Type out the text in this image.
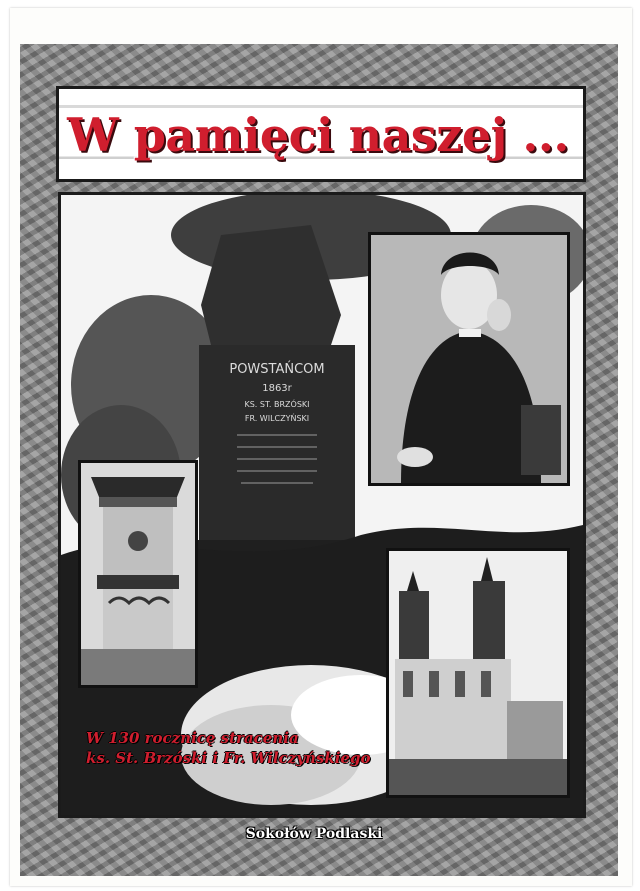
W pamięci naszej ...
POWSTAŃCOM
1863r
KS. ST. BRZÓSKI
FR. WILCZYŃSKI
W 130 rocznicę stracenia
ks. St. Brzóski i Fr. Wilczyńskiego
Sokołów Podlaski
